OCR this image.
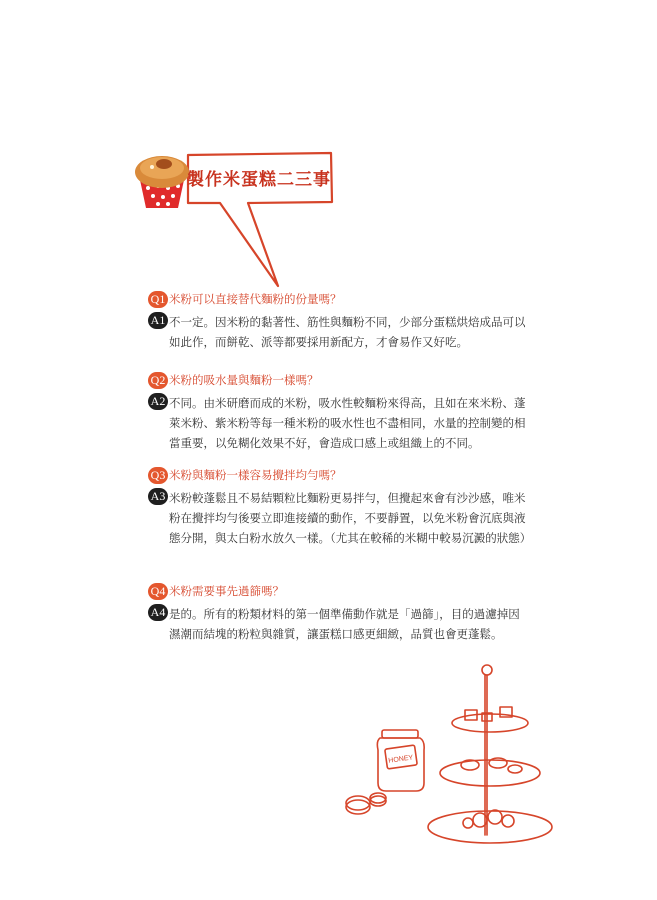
製作米蛋糕二三事
Q1 米粉可以直接替代麵粉的份量嗎？
A1 不一定。因米粉的黏著性、筋性與麵粉不同，少部分蛋糕烘焙成品可以如此作，而餅乾、派等都要採用新配方，才會易作又好吃。
Q2 米粉的吸水量與麵粉一樣嗎？
A2 不同。由米研磨而成的米粉，吸水性較麵粉來得高，且如在來米粉、蓬萊米粉、紫米粉等每一種米粉的吸水性也不盡相同，水量的控制變的相當重要，以免糊化效果不好，會造成口感上或組織上的不同。
Q3 米粉與麵粉一樣容易攪拌均勻嗎？
A3 米粉較蓬鬆且不易結顆粒比麵粉更易拌勻，但攪起來會有沙沙感，唯米粉在攪拌均勻後要立即進接續的動作，不要靜置，以免米粉會沉底與液態分開，與太白粉水放久一樣。（尤其在較稀的米糊中較易沉澱的狀態）
Q4 米粉需要事先過篩嗎？
A4 是的。所有的粉類材料的第一個準備動作就是「過篩」，目的過濾掉因濕潮而結塊的粉粒與雜質，讓蛋糕口感更細緻，品質也會更蓬鬆。
HONEY
